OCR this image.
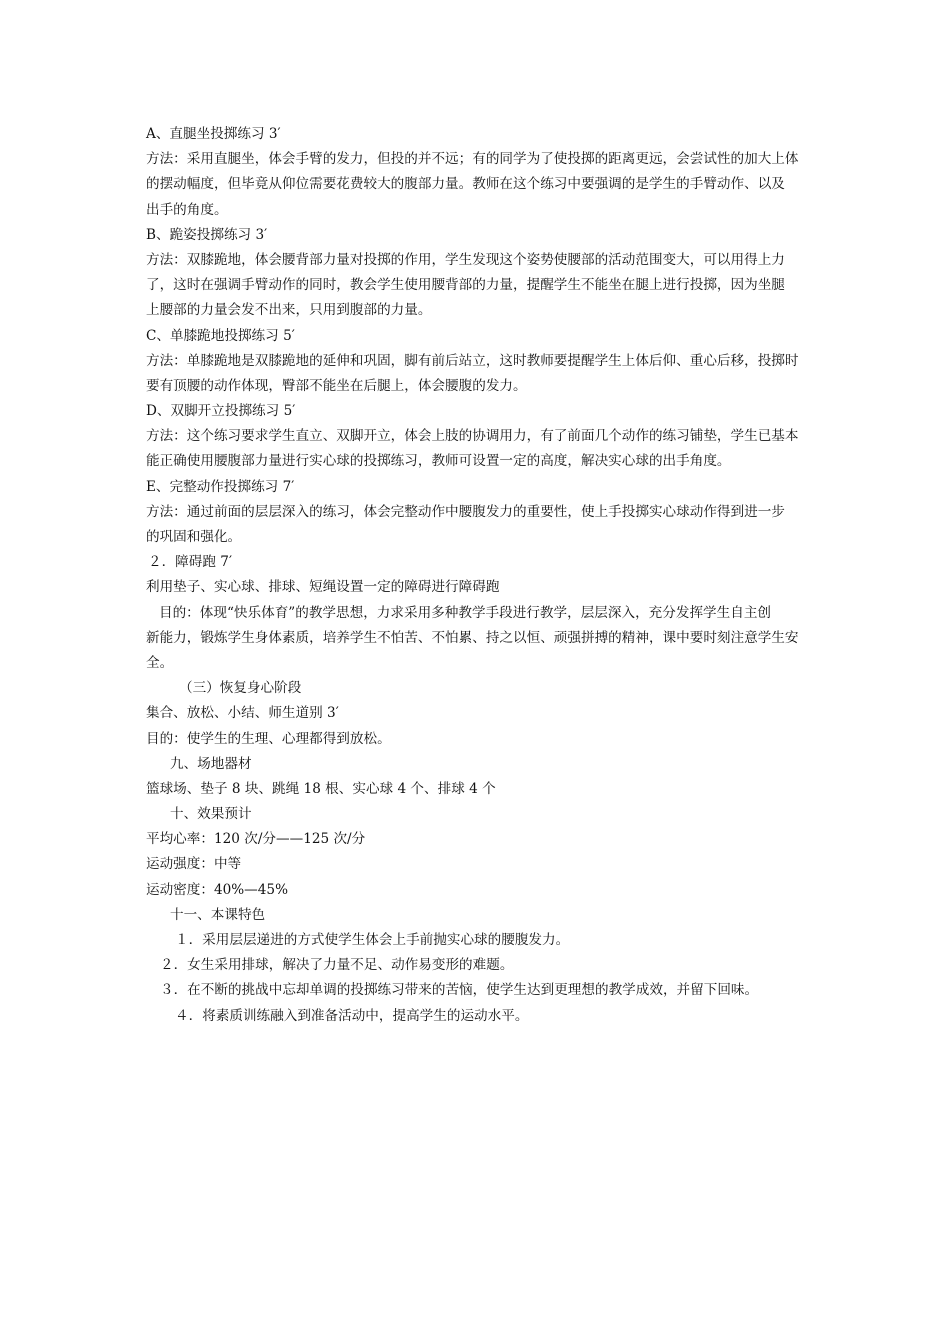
A、直腿坐投掷练习 3′
方法：采用直腿坐，体会手臂的发力，但投的并不远；有的同学为了使投掷的距离更远，会尝试性的加大上体
的摆动幅度，但毕竟从仰位需要花费较大的腹部力量。教师在这个练习中要强调的是学生的手臂动作、以及
出手的角度。
B、跪姿投掷练习 3′
方法：双膝跪地，体会腰背部力量对投掷的作用，学生发现这个姿势使腰部的活动范围变大，可以用得上力
了，这时在强调手臂动作的同时，教会学生使用腰背部的力量，提醒学生不能坐在腿上进行投掷，因为坐腿
上腰部的力量会发不出来，只用到腹部的力量。
C、单膝跪地投掷练习 5′
方法：单膝跪地是双膝跪地的延伸和巩固，脚有前后站立，这时教师要提醒学生上体后仰、重心后移，投掷时
要有顶腰的动作体现，臀部不能坐在后腿上，体会腰腹的发力。
D、双脚开立投掷练习 5′
方法：这个练习要求学生直立、双脚开立，体会上肢的协调用力，有了前面几个动作的练习铺垫，学生已基本
能正确使用腰腹部力量进行实心球的投掷练习，教师可设置一定的高度，解决实心球的出手角度。
E、完整动作投掷练习 7′
方法：通过前面的层层深入的练习，体会完整动作中腰腹发力的重要性，使上手投掷实心球动作得到进一步
的巩固和强化。
２．障碍跑 7′
利用垫子、实心球、排球、短绳设置一定的障碍进行障碍跑
目的：体现“快乐体育”的教学思想，力求采用多种教学手段进行教学，层层深入，充分发挥学生自主创
新能力，锻炼学生身体素质，培养学生不怕苦、不怕累、持之以恒、顽强拼搏的精神，课中要时刻注意学生安
全。
（三）恢复身心阶段
集合、放松、小结、师生道别 3′
目的：使学生的生理、心理都得到放松。
九、场地器材
篮球场、垫子 8 块、跳绳 18 根、实心球 4 个、排球 4 个
十、效果预计
平均心率：120 次/分——125 次/分
运动强度：中等
运动密度：40%—45%
十一、本课特色
１．采用层层递进的方式使学生体会上手前抛实心球的腰腹发力。
２．女生采用排球，解决了力量不足、动作易变形的难题。
３．在不断的挑战中忘却单调的投掷练习带来的苦恼，使学生达到更理想的教学成效，并留下回味。
４．将素质训练融入到准备活动中，提高学生的运动水平。
